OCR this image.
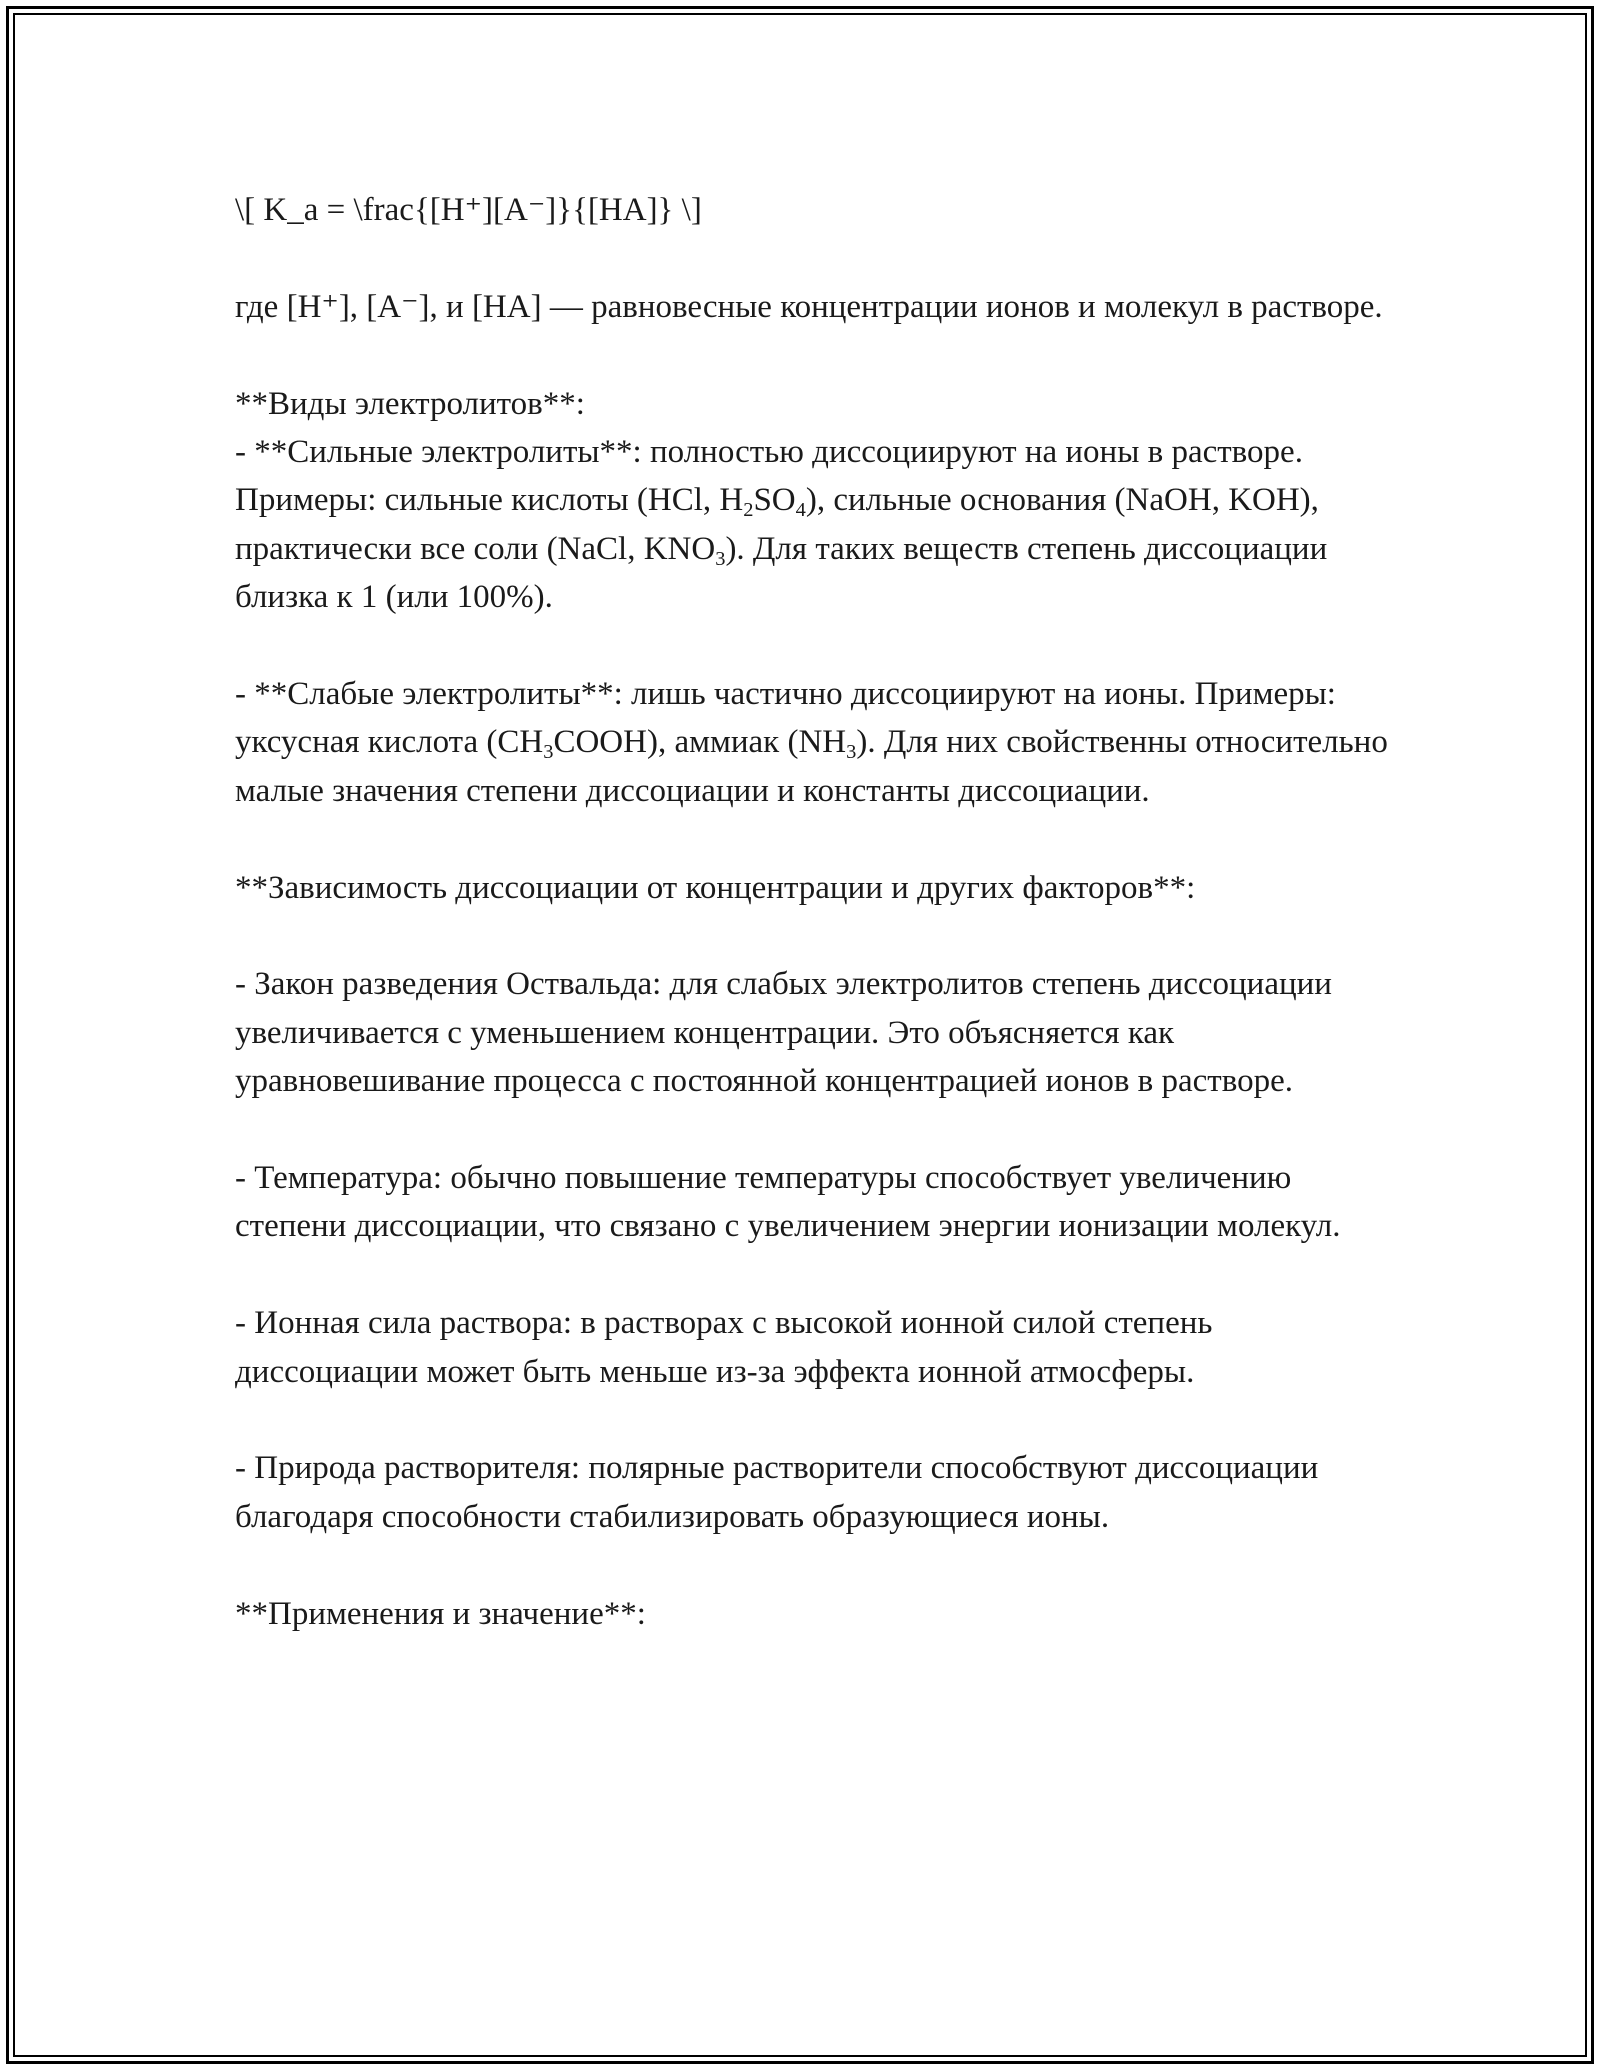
\[ K_a = \frac{[H⁺][A⁻]}{[HA]} \]

где [H⁺], [A⁻], и [HA] — равновесные концентрации ионов и молекул в растворе.

**Виды электролитов**:

- **Сильные электролиты**: полностью диссоциируют на ионы в растворе. Примеры: сильные кислоты (HCl, $H_2SO_4$), сильные основания (NaOH, KOH), практически все соли (NaCl, $KNO_3$). Для таких веществ степень диссоциации близка к 1 (или 100%).

- **Слабые электролиты**: лишь частично диссоциируют на ионы. Примеры: уксусная кислота $(CH_3COOH)$, аммиак $(NH_3)$. Для них свойственны относительно малые значения степени диссоциации и константы диссоциации.

**Зависимость диссоциации от концентрации и других факторов**:

- Закон разведения Оствальда: для слабых электролитов степень диссоциации увеличивается с уменьшением концентрации. Это объясняется как уравновешивание процесса с постоянной концентрацией ионов в растворе.

- Температура: обычно повышение температуры способствует увеличению степени диссоциации, что связано с увеличением энергии ионизации молекул.

- Ионная сила раствора: в растворах с высокой ионной силой степень диссоциации может быть меньше из-за эффекта ионной атмосферы.

- Природа растворителя: полярные растворители способствуют диссоциации благодаря способности стабилизировать образующиеся ионы.

**Применения и значение**:
